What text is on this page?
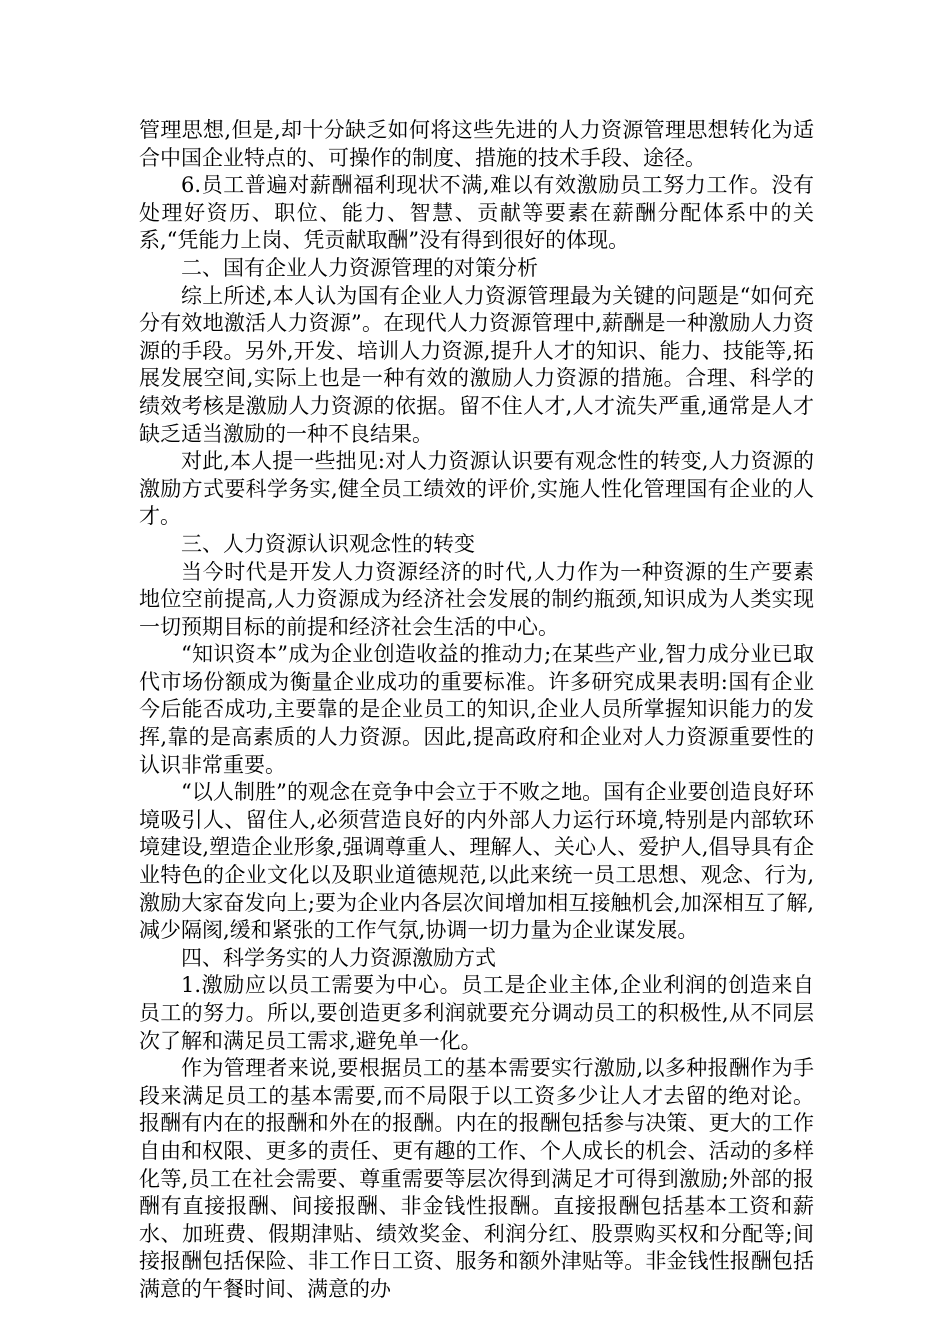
管理思想,但是,却十分缺乏如何将这些先进的人力资源管理思想转化为适合中国企业特点的、可操作的制度、措施的技术手段、途径。

6.员工普遍对薪酬福利现状不满,难以有效激励员工努力工作。没有处理好资历、职位、能力、智慧、贡献等要素在薪酬分配体系中的关系,“凭能力上岗、凭贡献取酬”没有得到很好的体现。

二、国有企业人力资源管理的对策分析

综上所述,本人认为国有企业人力资源管理最为关键的问题是“如何充分有效地激活人力资源”。在现代人力资源管理中,薪酬是一种激励人力资源的手段。另外,开发、培训人力资源,提升人才的知识、能力、技能等,拓展发展空间,实际上也是一种有效的激励人力资源的措施。合理、科学的绩效考核是激励人力资源的依据。留不住人才,人才流失严重,通常是人才缺乏适当激励的一种不良结果。

对此,本人提一些拙见:对人力资源认识要有观念性的转变,人力资源的激励方式要科学务实,健全员工绩效的评价,实施人性化管理国有企业的人才。

三、人力资源认识观念性的转变

当今时代是开发人力资源经济的时代,人力作为一种资源的生产要素地位空前提高,人力资源成为经济社会发展的制约瓶颈,知识成为人类实现一切预期目标的前提和经济社会生活的中心。

“知识资本”成为企业创造收益的推动力;在某些产业,智力成分业已取代市场份额成为衡量企业成功的重要标准。许多研究成果表明:国有企业今后能否成功,主要靠的是企业员工的知识,企业人员所掌握知识能力的发挥,靠的是高素质的人力资源。因此,提高政府和企业对人力资源重要性的认识非常重要。

“以人制胜”的观念在竞争中会立于不败之地。国有企业要创造良好环境吸引人、留住人,必须营造良好的内外部人力运行环境,特别是内部软环境建设,塑造企业形象,强调尊重人、理解人、关心人、爱护人,倡导具有企业特色的企业文化以及职业道德规范,以此来统一员工思想、观念、行为,激励大家奋发向上;要为企业内各层次间增加相互接触机会,加深相互了解,减少隔阂,缓和紧张的工作气氛,协调一切力量为企业谋发展。

四、科学务实的人力资源激励方式

1.激励应以员工需要为中心。员工是企业主体,企业利润的创造来自员工的努力。所以,要创造更多利润就要充分调动员工的积极性,从不同层次了解和满足员工需求,避免单一化。

作为管理者来说,要根据员工的基本需要实行激励,以多种报酬作为手段来满足员工的基本需要,而不局限于以工资多少让人才去留的绝对论。报酬有内在的报酬和外在的报酬。内在的报酬包括参与决策、更大的工作自由和权限、更多的责任、更有趣的工作、个人成长的机会、活动的多样化等,员工在社会需要、尊重需要等层次得到满足才可得到激励;外部的报酬有直接报酬、间接报酬、非金钱性报酬。直接报酬包括基本工资和薪水、加班费、假期津贴、绩效奖金、利润分红、股票购买权和分配等;间接报酬包括保险、非工作日工资、服务和额外津贴等。非金钱性报酬包括满意的午餐时间、满意的办
